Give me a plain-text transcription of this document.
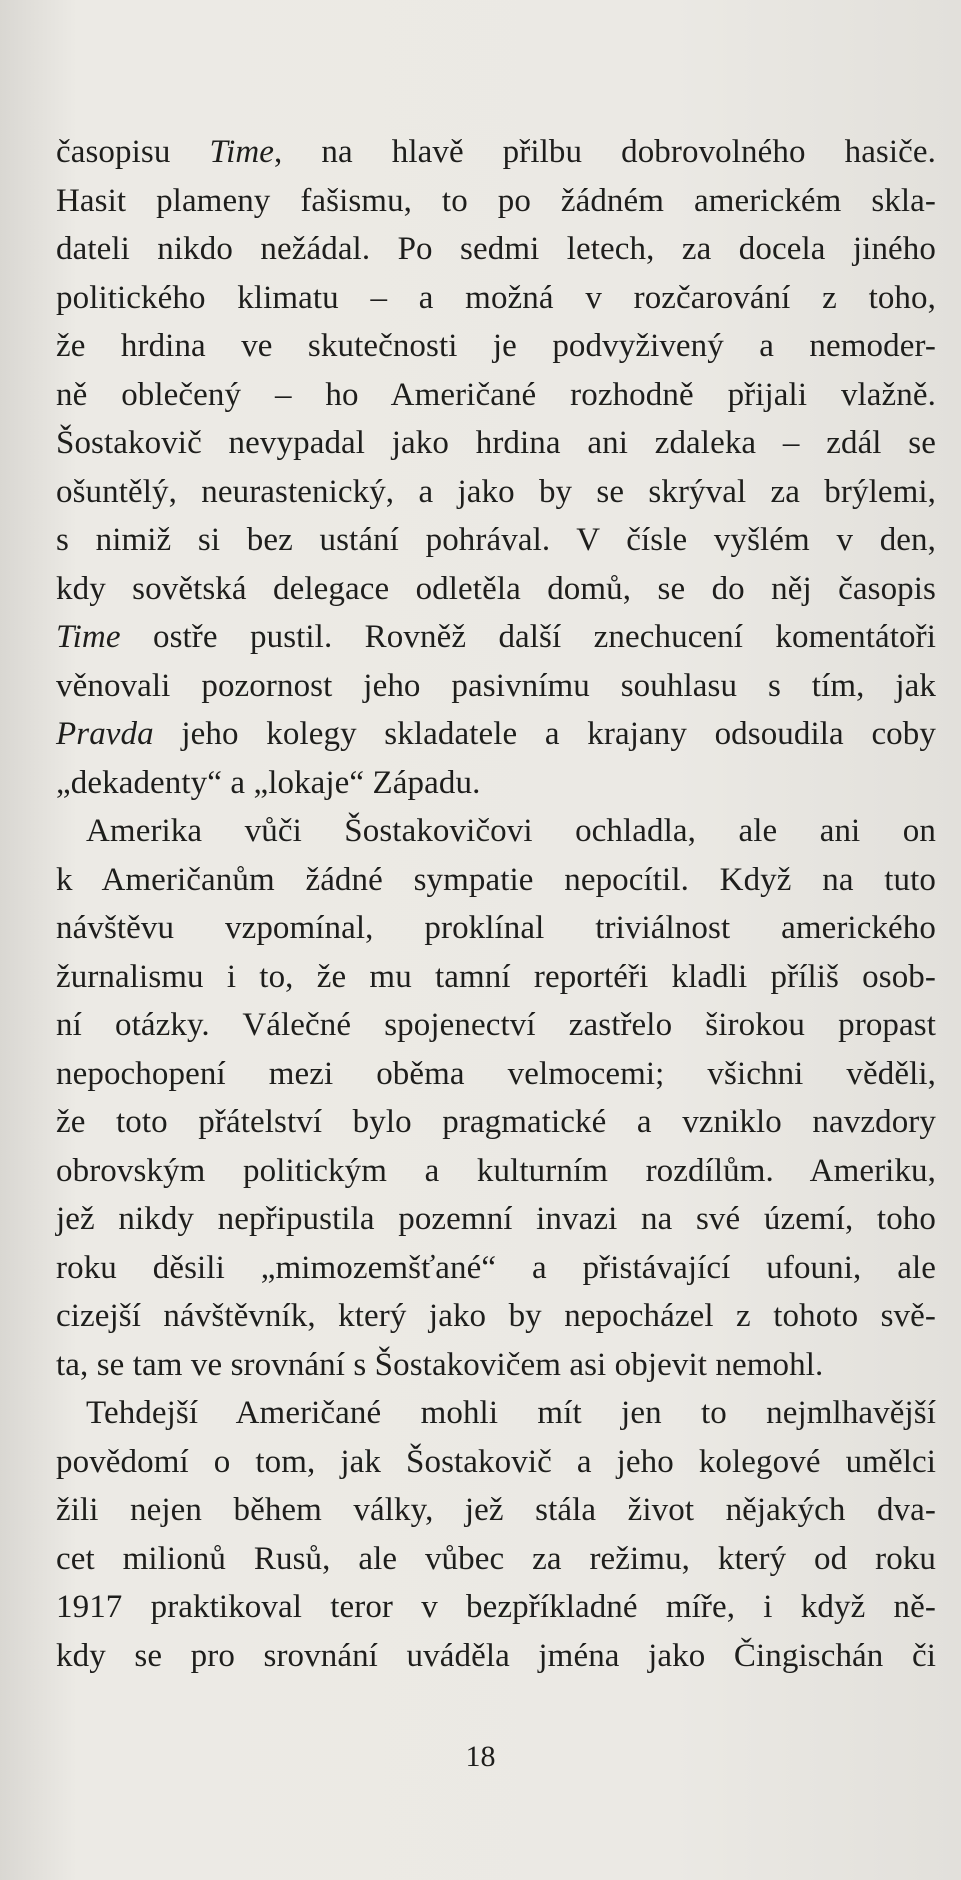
časopisu Time, na hlavě přilbu dobrovolného hasiče.
Hasit plameny fašismu, to po žádném americkém skla-
dateli nikdo nežádal. Po sedmi letech, za docela jiného
politického klimatu – a možná v rozčarování z toho,
že hrdina ve skutečnosti je podvyživený a nemoder-
ně oblečený – ho Američané rozhodně přijali vlažně.
Šostakovič nevypadal jako hrdina ani zdaleka – zdál se
ošuntělý, neurastenický, a jako by se skrýval za brýlemi,
s nimiž si bez ustání pohrával. V čísle vyšlém v den,
kdy sovětská delegace odletěla domů, se do něj časopis
Time ostře pustil. Rovněž další znechucení komentátoři
věnovali pozornost jeho pasivnímu souhlasu s tím, jak
Pravda jeho kolegy skladatele a krajany odsoudila coby
„dekadenty“ a „lokaje“ Západu.
Amerika vůči Šostakovičovi ochladla, ale ani on
k Američanům žádné sympatie nepocítil. Když na tuto
návštěvu vzpomínal, proklínal triviálnost amerického
žurnalismu i to, že mu tamní reportéři kladli příliš osob-
ní otázky. Válečné spojenectví zastřelo širokou propast
nepochopení mezi oběma velmocemi; všichni věděli,
že toto přátelství bylo pragmatické a vzniklo navzdory
obrovským politickým a kulturním rozdílům. Ameriku,
jež nikdy nepřipustila pozemní invazi na své území, toho
roku děsili „mimozemšťané“ a přistávající ufouni, ale
cizejší návštěvník, který jako by nepocházel z tohoto svě-
ta, se tam ve srovnání s Šostakovičem asi objevit nemohl.
Tehdejší Američané mohli mít jen to nejmlhavější
povědomí o tom, jak Šostakovič a jeho kolegové umělci
žili nejen během války, jež stála život nějakých dva-
cet milionů Rusů, ale vůbec za režimu, který od roku
1917 praktikoval teror v bezpříkladné míře, i když ně-
kdy se pro srovnání uváděla jména jako Čingischán či
18
